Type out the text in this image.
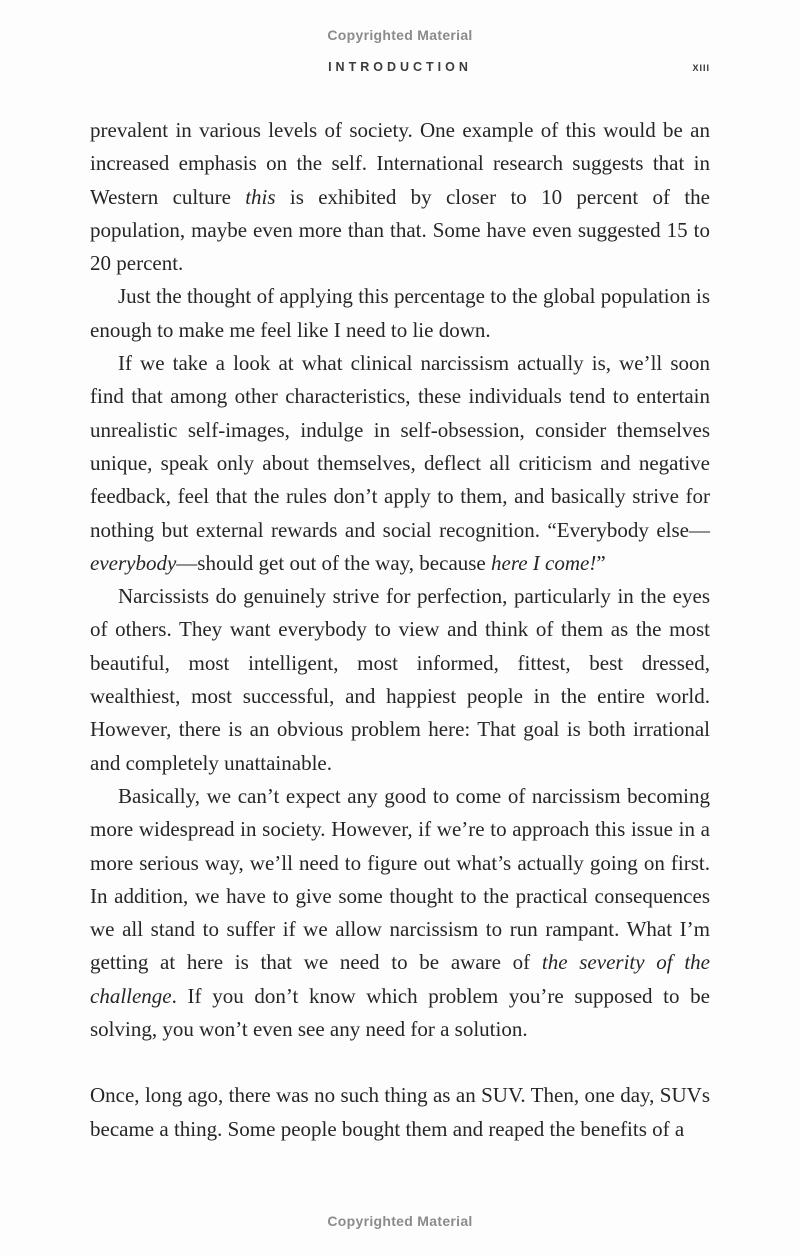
Copyrighted Material
INTRODUCTION	xiii

prevalent in various levels of society. One example of this would be an increased emphasis on the self. International research suggests that in Western culture this is exhibited by closer to 10 percent of the population, maybe even more than that. Some have even suggested 15 to 20 percent.

Just the thought of applying this percentage to the global population is enough to make me feel like I need to lie down.

If we take a look at what clinical narcissism actually is, we’ll soon find that among other characteristics, these individuals tend to entertain unrealistic self-images, indulge in self-obsession, consider themselves unique, speak only about themselves, deflect all criticism and negative feedback, feel that the rules don’t apply to them, and basically strive for nothing but external rewards and social recognition. “Everybody else—everybody—should get out of the way, because here I come!”

Narcissists do genuinely strive for perfection, particularly in the eyes of others. They want everybody to view and think of them as the most beautiful, most intelligent, most informed, fittest, best dressed, wealthiest, most successful, and happiest people in the entire world. However, there is an obvious problem here: That goal is both irrational and completely unattainable.

Basically, we can’t expect any good to come of narcissism becoming more widespread in society. However, if we’re to approach this issue in a more serious way, we’ll need to figure out what’s actually going on first. In addition, we have to give some thought to the practical consequences we all stand to suffer if we allow narcissism to run rampant. What I’m getting at here is that we need to be aware of the severity of the challenge. If you don’t know which problem you’re supposed to be solving, you won’t even see any need for a solution.

Once, long ago, there was no such thing as an SUV. Then, one day, SUVs became a thing. Some people bought them and reaped the benefits of a

Copyrighted Material
